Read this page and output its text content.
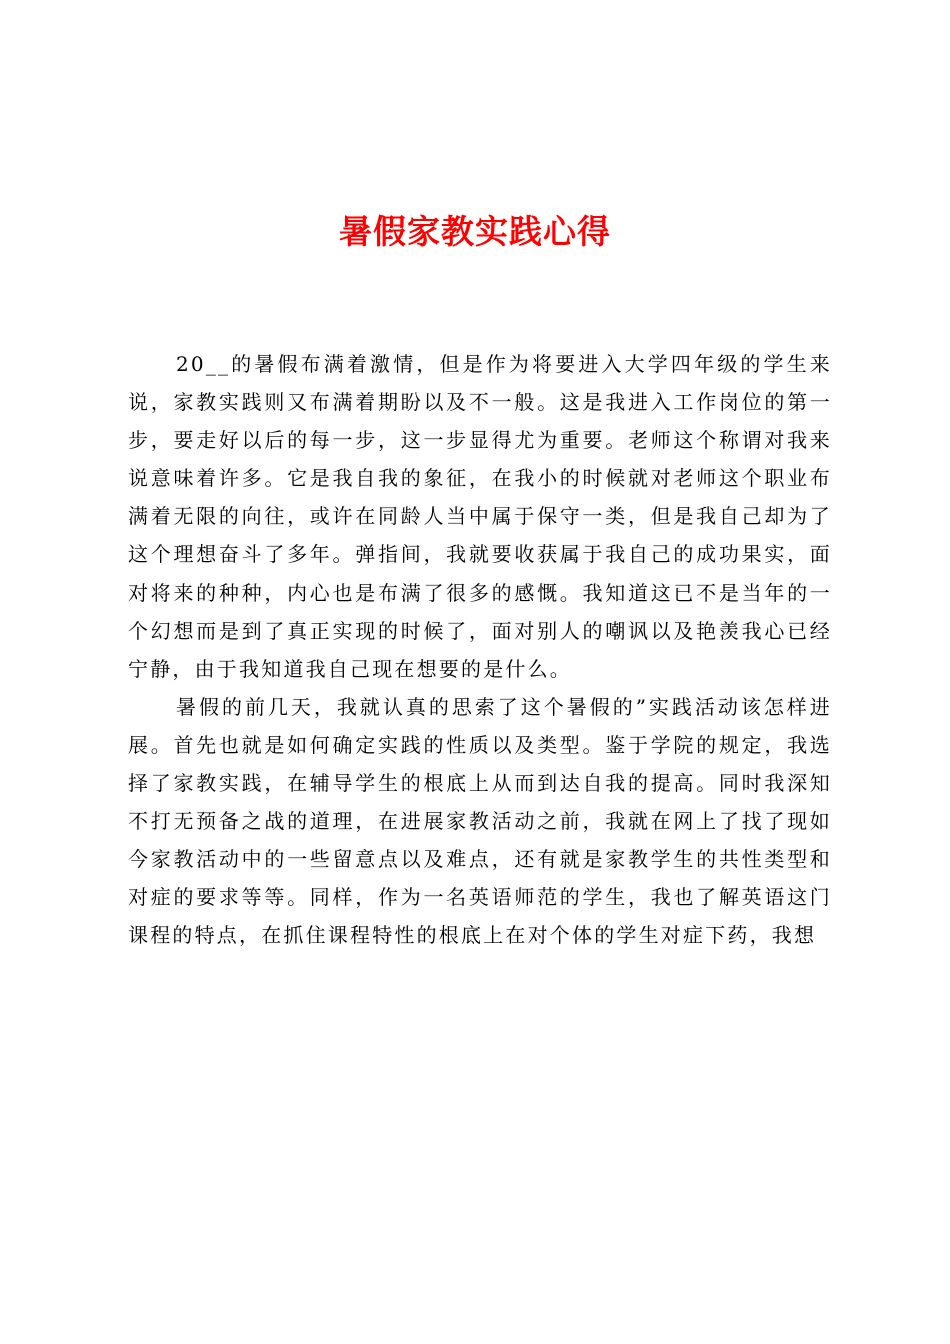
暑假家教实践心得

20__的暑假布满着激情，但是作为将要进入大学四年级的学生来说，家教实践则又布满着期盼以及不一般。这是我进入工作岗位的第一步，要走好以后的每一步，这一步显得尤为重要。老师这个称谓对我来说意味着许多。它是我自我的象征，在我小的时候就对老师这个职业布满着无限的向往，或许在同龄人当中属于保守一类，但是我自己却为了这个理想奋斗了多年。弹指间，我就要收获属于我自己的成功果实，面对将来的种种，内心也是布满了很多的感慨。我知道这已不是当年的一个幻想而是到了真正实现的时候了，面对别人的嘲讽以及艳羡我心已经宁静，由于我知道我自己现在想要的是什么。

暑假的前几天，我就认真的思索了这个暑假的”实践活动该怎样进展。首先也就是如何确定实践的性质以及类型。鉴于学院的规定，我选择了家教实践，在辅导学生的根底上从而到达自我的提高。同时我深知不打无预备之战的道理，在进展家教活动之前，我就在网上了找了现如今家教活动中的一些留意点以及难点，还有就是家教学生的共性类型和对症的要求等等。同样，作为一名英语师范的学生，我也了解英语这门课程的特点，在抓住课程特性的根底上在对个体的学生对症下药，我想
